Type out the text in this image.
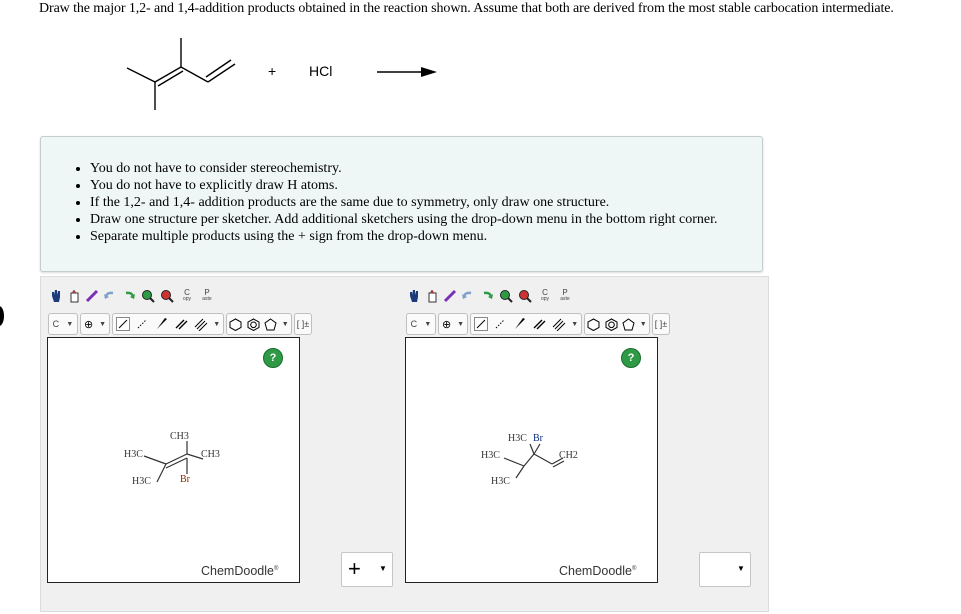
Draw the major 1,2- and 1,4-addition products obtained in the reaction shown. Assume that both are derived from the most stable carbocation intermediate.
+ HCl
• You do not have to consider stereochemistry.
• You do not have to explicitly draw H atoms.
• If the 1,2- and 1,4- addition products are the same due to symmetry, only draw one structure.
• Draw one structure per sketcher. Add additional sketchers using the drop-down menu in the bottom right corner.
• Separate multiple products using the + sign from the drop-down menu.
C
opy
P
aste
C ▼ ⊕ ▼	▼	▼ [ ]±
?
CH3
CH3
H3C
H3C	Br
ChemDoodle®	+ ▼
C
opy
P
aste
C ▼ ⊕ ▼	▼	▼ [ ]±
?
H3C Br
H3C	CH2
H3C
ChemDoodle®	▼
